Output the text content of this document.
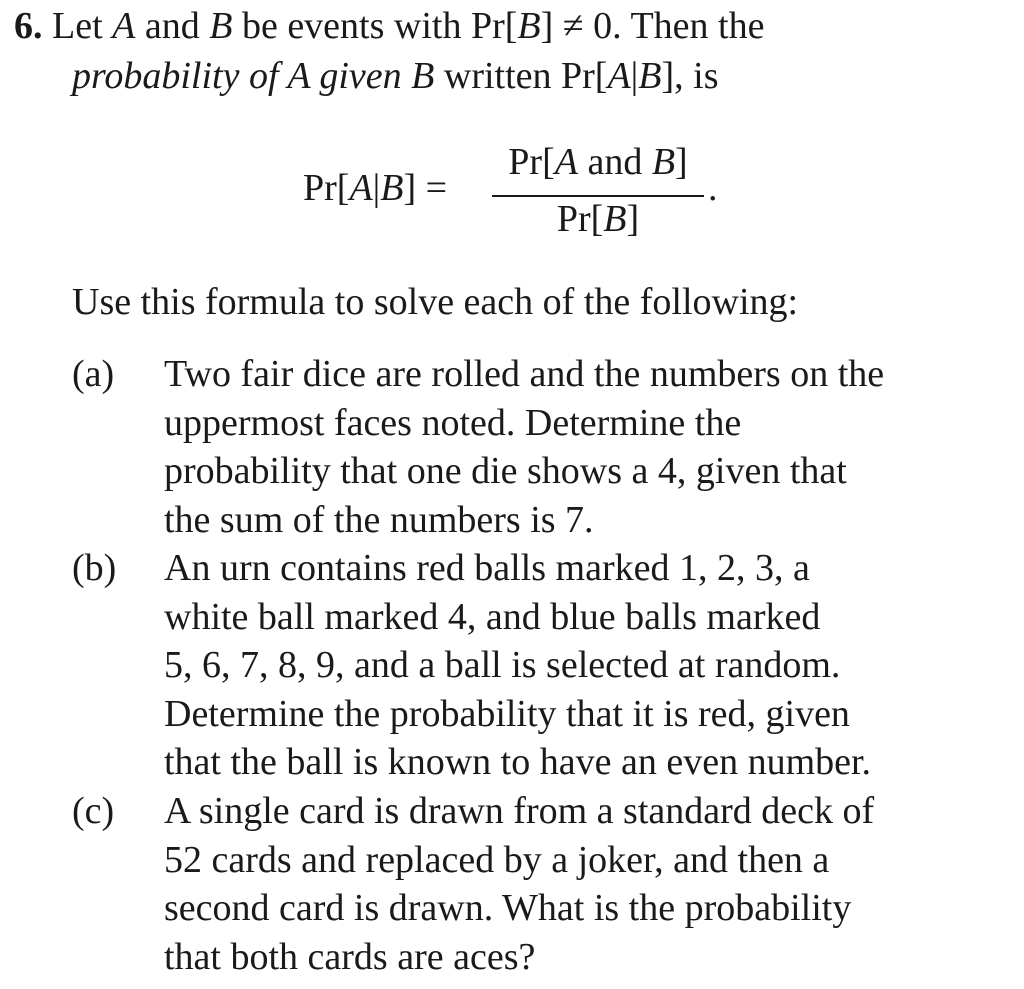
6. Let A and B be events with Pr[B] ≠ 0. Then the
probability of A given B written Pr[A|B], is
Pr[A|B] =
Pr[A and B]
Pr[B]
.
Use this formula to solve each of the following:
(a) Two fair dice are rolled and the numbers on the
uppermost faces noted. Determine the
probability that one die shows a 4, given that
the sum of the numbers is 7.
(b) An urn contains red balls marked 1, 2, 3, a
white ball marked 4, and blue balls marked
5, 6, 7, 8, 9, and a ball is selected at random.
Determine the probability that it is red, given
that the ball is known to have an even number.
(c) A single card is drawn from a standard deck of
52 cards and replaced by a joker, and then a
second card is drawn. What is the probability
that both cards are aces?
